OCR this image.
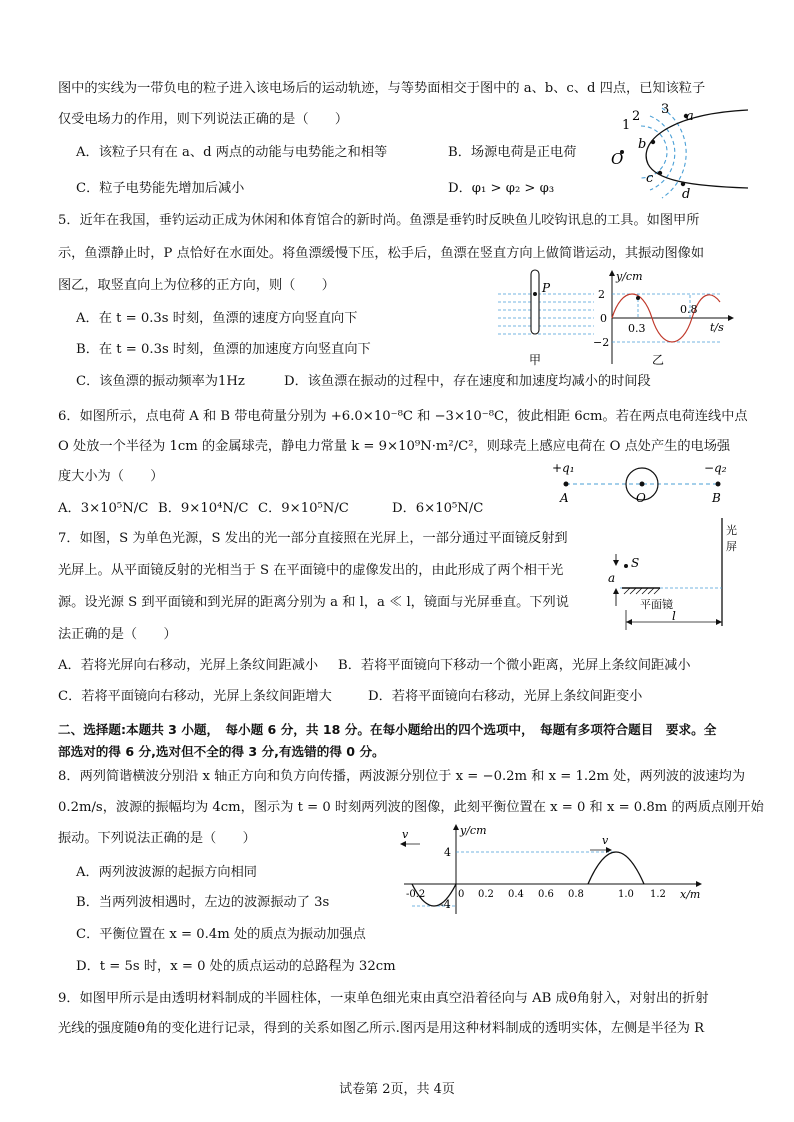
图中的实线为一带负电的粒子进入该电场后的运动轨迹，与等势面相交于图中的 a、b、c、d 四点，已知该粒子
仅受电场力的作用，则下列说法正确的是（　　）
A．该粒子只有在 a、d 两点的动能与电势能之和相等	B．场源电荷是正电荷
C．粒子电势能先增加后减小	D．φ₁ > φ₂ > φ₃
1
2 3 a
b
c
d
O
5．近年在我国，垂钓运动正成为休闲和体育馆合的新时尚。鱼漂是垂钓时反映鱼儿咬钩讯息的工具。如图甲所
示，鱼漂静止时，P 点恰好在水面处。将鱼漂缓慢下压，松手后，鱼漂在竖直方向上做简谐运动，其振动图像如
图乙，取竖直向上为位移的正方向，则（　　）
A．在 t = 0.3s 时刻，鱼漂的速度方向竖直向下
B．在 t = 0.3s 时刻，鱼漂的加速度方向竖直向下
C．该鱼漂的振动频率为1Hz	D．该鱼漂在振动的过程中，存在速度和加速度均减小的时间段
P
甲
y/cm
t/s
2
0
−2
0.3
0.8
乙
6．如图所示，点电荷 A 和 B 带电荷量分别为 +6.0×10⁻⁸C 和 −3×10⁻⁸C，彼此相距 6cm。若在两点电荷连线中点
O 处放一个半径为 1cm 的金属球壳，静电力常量 k = 9×10⁹N·m²/C²，则球壳上感应电荷在 O 点处产生的电场强
度大小为（　　）
A．3×10⁵N/C B．9×10⁴N/C C．9×10⁵N/C	D．6×10⁵N/C
+q₁	−q₂
A	O	B
7．如图，S 为单色光源，S 发出的光一部分直接照在光屏上，一部分通过平面镜反射到
光屏上。从平面镜反射的光相当于 S 在平面镜中的虚像发出的，由此形成了两个相干光
源。设光源 S 到平面镜和到光屏的距离分别为 a 和 l，a ≪ l，镜面与光屏垂直。下列说
法正确的是（　　）
A．若将光屏向右移动，光屏上条纹间距减小 B．若将平面镜向下移动一个微小距离，光屏上条纹间距减小
C．若将平面镜向右移动，光屏上条纹间距增大	D．若将平面镜向右移动，光屏上条纹间距变小
光
屏
S
a
平面镜
l
二、选择题:本题共 3 小题，　每小题 6 分，共 18 分。在每小题给出的四个选项中，　每题有多项符合题目　要求。全
部选对的得 6 分,选对但不全的得 3 分,有选错的得 0 分。
8．两列简谐横波分别沿 x 轴正方向和负方向传播，两波源分别位于 x = −0.2m 和 x = 1.2m 处，两列波的波速均为
0.2m/s，波源的振幅均为 4cm，图示为 t = 0 时刻两列波的图像，此刻平衡位置在 x = 0 和 x = 0.8m 的两质点刚开始
振动。下列说法正确的是（　　）
A．两列波波源的起振方向相同
B．当两列波相遇时，左边的波源振动了 3s
C．平衡位置在 x = 0.4m 处的质点为振动加强点
D．t = 5s 时，x = 0 处的质点运动的总路程为 32cm
v	v
y/cm
x/m
4
-4
-0.2	0 0.2 0.4 0.6 0.8	1.0 1.2
9．如图甲所示是由透明材料制成的半圆柱体，一束单色细光束由真空沿着径向与 AB 成θ角射入，对射出的折射
光线的强度随θ角的变化进行记录，得到的关系如图乙所示.图丙是用这种材料制成的透明实体，左侧是半径为 R
试卷第 2页，共 4页
